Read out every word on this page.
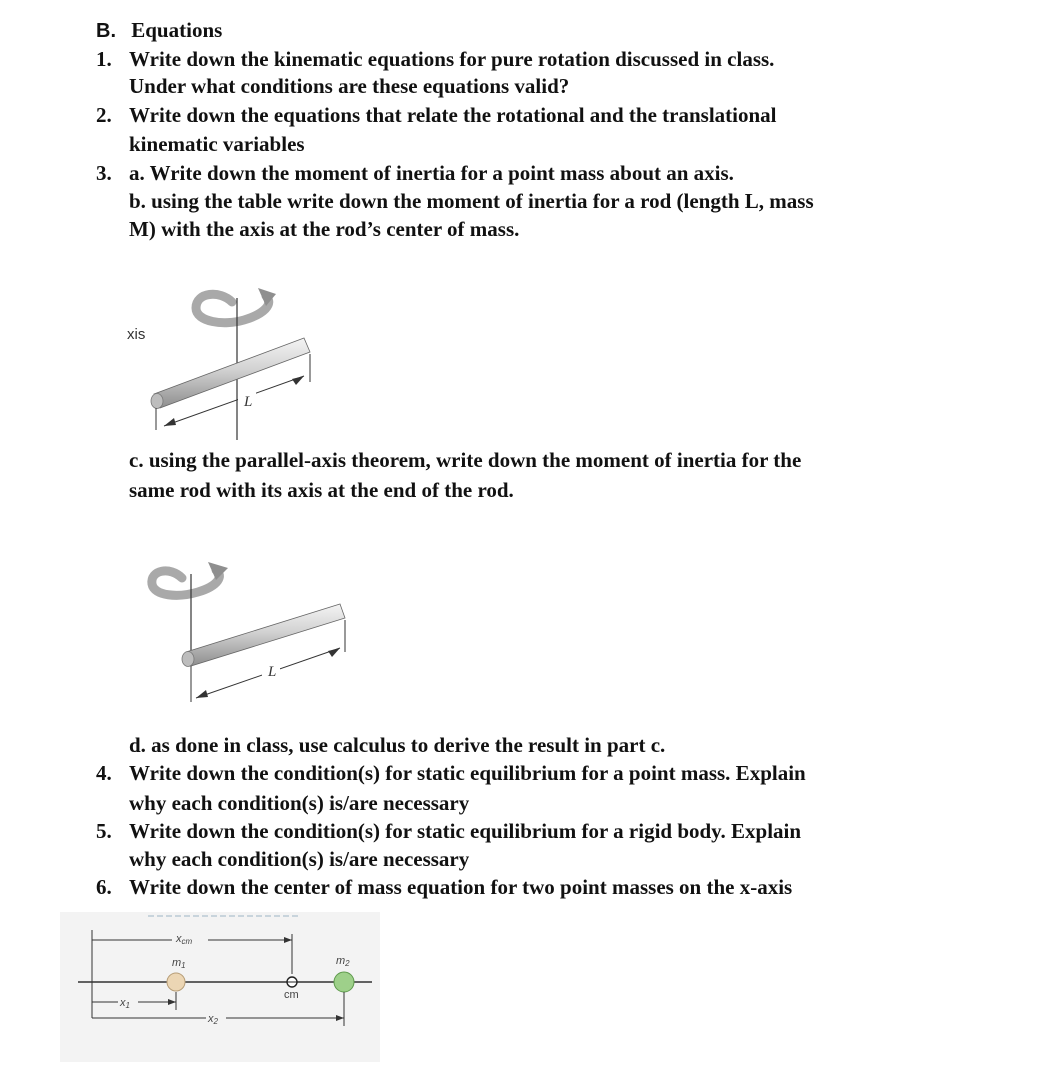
B. Equations
1. Write down the kinematic equations for pure rotation discussed in class.
Under what conditions are these equations valid?
2. Write down the equations that relate the rotational and the translational
kinematic variables
3. a. Write down the moment of inertia for a point mass about an axis.
b. using the table write down the moment of inertia for a rod (length L, mass
M) with the axis at the rod’s center of mass.
L
xis
c. using the parallel-axis theorem, write down the moment of inertia for the
same rod with its axis at the end of the rod.
L
d. as done in class, use calculus to derive the result in part c.
4. Write down the condition(s) for static equilibrium for a point mass. Explain
why each condition(s) is/are necessary
5. Write down the condition(s) for static equilibrium for a rigid body. Explain
why each condition(s) is/are necessary
6. Write down the center of mass equation for two point masses on the x-axis
xcm
m1
cm
m2
x1
x2
